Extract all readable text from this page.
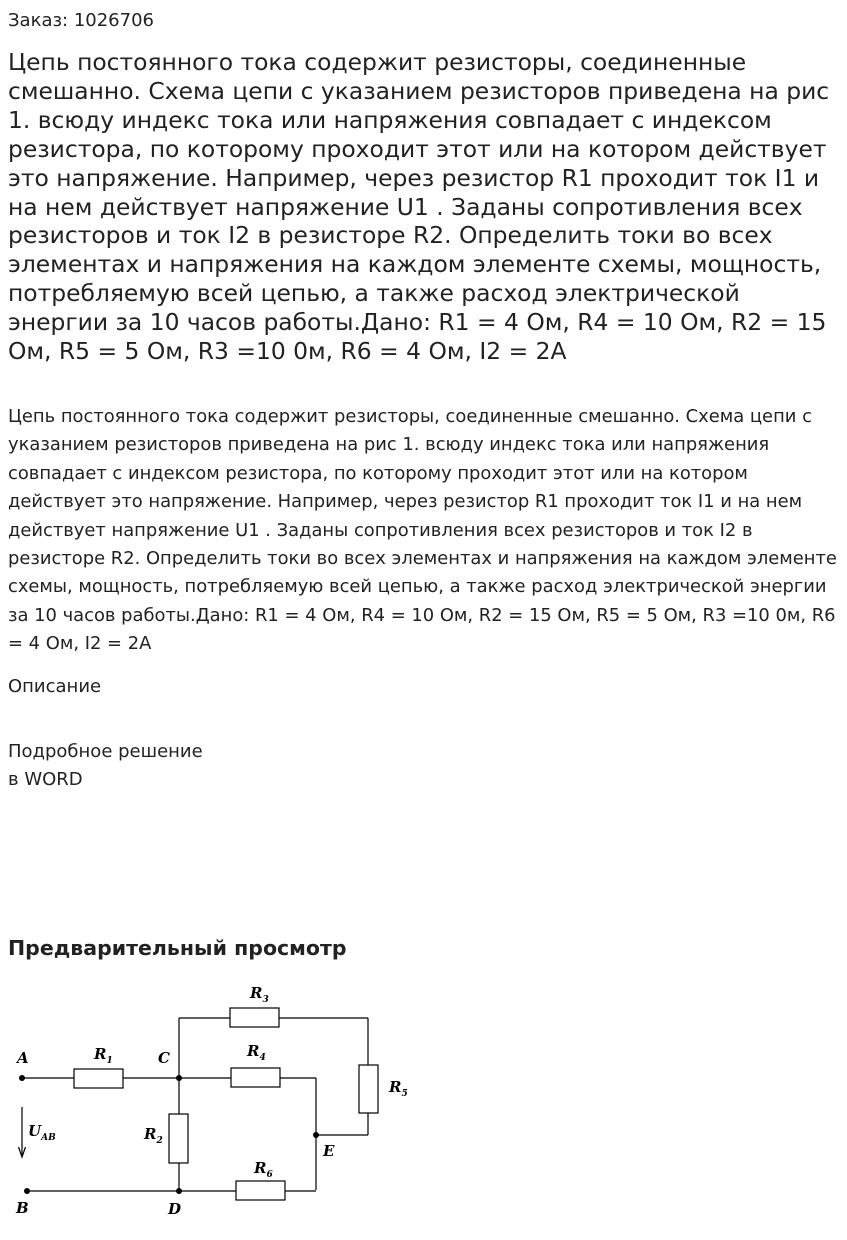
Заказ: 1026706
Цепь постоянного тока содержит резисторы, соединенные смешанно. Схема цепи с указанием резисторов приведена на рис 1. всюду индекс тока или напряжения совпадает с индексом резистора, по которому проходит этот или на котором действует это напряжение. Например, через резистор R1 проходит ток I1 и на нем действует напряжение U1 . Заданы сопротивления всех резисторов и ток I2 в резисторе R2. Определить токи во всех элементах и напряжения на каждом элементе схемы, мощность, потребляемую всей цепью, а также расход электрической энергии за 10 часов работы.Дано: R1 = 4 Ом, R4 = 10 Ом, R2 = 15 Ом, R5 = 5 Ом, R3 =10 0м, R6 = 4 Ом, I2 = 2А
Цепь постоянного тока содержит резисторы, соединенные смешанно. Схема цепи с указанием резисторов приведена на рис 1. всюду индекс тока или напряжения совпадает с индексом резистора, по которому проходит этот или на котором действует это напряжение. Например, через резистор R1 проходит ток I1 и на нем действует напряжение U1 . Заданы сопротивления всех резисторов и ток I2 в резисторе R2. Определить токи во всех элементах и напряжения на каждом элементе схемы, мощность, потребляемую всей цепью, а также расход электрической энергии за 10 часов работы.Дано: R1 = 4 Ом, R4 = 10 Ом, R2 = 15 Ом, R5 = 5 Ом, R3 =10 0м, R6 = 4 Ом, I2 = 2А
Описание
Подробное решение
в WORD
Предварительный просмотр
A	C
E
B	D
$U_{AB}$
$R_1$
$R_3$
$R_4$
$R_5$
$R_2$
$R_6$
